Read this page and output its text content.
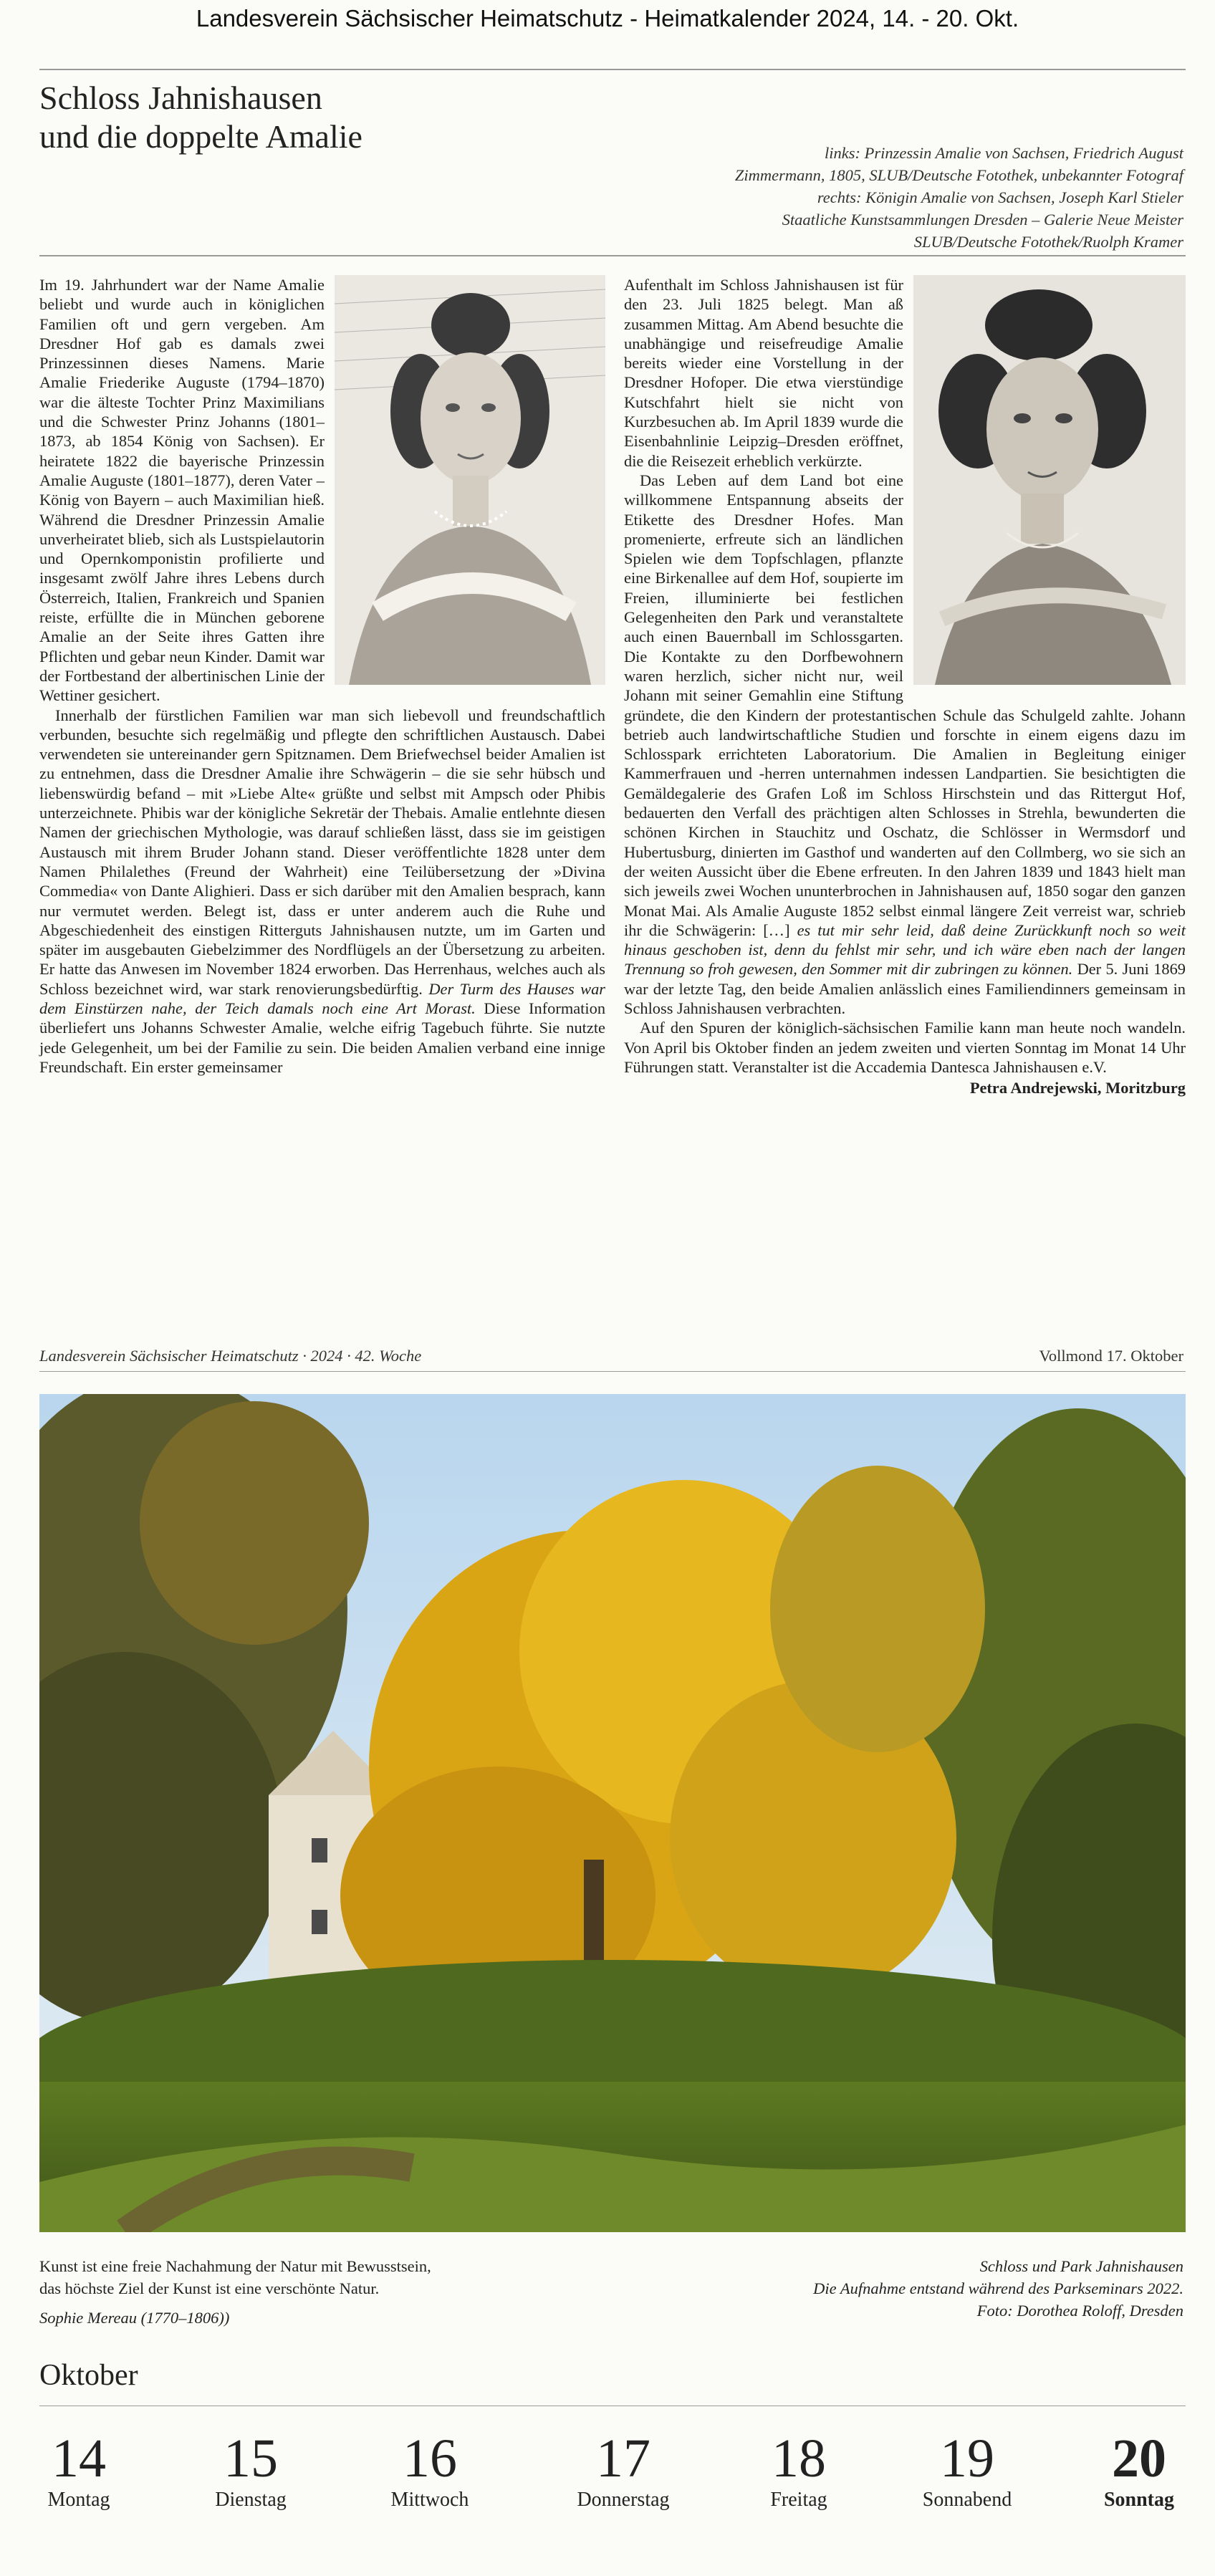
Landesverein Sächsischer Heimatschutz - Heimatkalender 2024, 14. - 20. Okt.
Schloss Jahnishausen
und die doppelte Amalie	links: Prinzessin Amalie von Sachsen, Friedrich August
Zimmermann, 1805, SLUB/Deutsche Fotothek, unbekannter Fotograf
rechts: Königin Amalie von Sachsen, Joseph Karl Stieler
Staatliche Kunstsammlungen Dresden – Galerie Neue Meister
SLUB/Deutsche Fotothek/Ruolph Kramer

Im 19. Jahrhundert war der Name Amalie beliebt und wurde auch in königlichen Familien oft und gern vergeben. Am Dresdner Hof gab es damals zwei Prinzessinnen dieses Namens. Marie Amalie Friederike Auguste (1794–1870) war die älteste Tochter Prinz Maximilians und die Schwester Prinz Johanns (1801–1873, ab 1854 König von Sachsen). Er heiratete 1822 die bayerische Prinzessin Amalie Auguste (1801–1877), deren Vater – König von Bayern – auch Maximilian hieß. Während die Dresdner Prinzessin Amalie unverheiratet blieb, sich als Lustspielautorin und Opernkomponistin profilierte und insgesamt zwölf Jahre ihres Lebens durch Österreich, Italien, Frankreich und Spanien reiste, erfüllte die in München geborene Amalie an der Seite ihres Gatten ihre Pflichten und gebar neun Kinder. Damit war der Fortbestand der albertinischen Linie der Wettiner gesichert.

Innerhalb der fürstlichen Familien war man sich liebevoll und freundschaftlich verbunden, besuchte sich regelmäßig und pflegte den schriftlichen Austausch. Dabei verwendeten sie untereinander gern Spitznamen. Dem Briefwechsel beider Amalien ist zu entnehmen, dass die Dresdner Amalie ihre Schwägerin – die sie sehr hübsch und liebenswürdig befand – mit »Liebe Alte« grüßte und selbst mit Ampsch oder Phibis unterzeichnete. Phibis war der königliche Sekretär der Thebais. Amalie entlehnte diesen Namen der griechischen Mythologie, was darauf schließen lässt, dass sie im geistigen Austausch mit ihrem Bruder Johann stand. Dieser veröffentlichte 1828 unter dem Namen Philalethes (Freund der Wahrheit) eine Teilübersetzung der »Divina Commedia« von Dante Alighieri. Dass er sich darüber mit den Amalien besprach, kann nur vermutet werden. Belegt ist, dass er unter anderem auch die Ruhe und Abgeschiedenheit des einstigen Ritterguts Jahnishausen nutzte, um im Garten und später im ausgebauten Giebelzimmer des Nordflügels an der Übersetzung zu arbeiten. Er hatte das Anwesen im November 1824 erworben. Das Herrenhaus, welches auch als Schloss bezeichnet wird, war stark renovierungsbedürftig. Der Turm des Hauses war dem Einstürzen nahe, der Teich damals noch eine Art Morast. Diese Information überliefert uns Johanns Schwester Amalie, welche eifrig Tagebuch führte. Sie nutzte jede Gelegenheit, um bei der Familie zu sein. Die beiden Amalien verband eine innige Freundschaft. Ein erster gemeinsamer

Aufenthalt im Schloss Jahnishausen ist für den 23. Juli 1825 belegt. Man aß zusammen Mittag. Am Abend besuchte die unabhängige und reisefreudige Amalie bereits wieder eine Vorstellung in der Dresdner Hofoper. Die etwa vierstündige Kutschfahrt hielt sie nicht von Kurzbesuchen ab. Im April 1839 wurde die Eisenbahnlinie Leipzig–Dresden eröffnet, die die Reisezeit erheblich verkürzte.

Das Leben auf dem Land bot eine willkommene Entspannung abseits der Etikette des Dresdner Hofes. Man promenierte, erfreute sich an ländlichen Spielen wie dem Topfschlagen, pflanzte eine Birkenallee auf dem Hof, soupierte im Freien, illuminierte bei festlichen Gelegenheiten den Park und veranstaltete auch einen Bauernball im Schlossgarten. Die Kontakte zu den Dorfbewohnern waren herzlich, sicher nicht nur, weil Johann mit seiner Gemahlin eine Stiftung gründete, die den Kindern der protestantischen Schule das Schulgeld zahlte. Johann betrieb auch landwirtschaftliche Studien und forschte in einem eigens dazu im Schlosspark errichteten Laboratorium. Die Amalien in Begleitung einiger Kammerfrauen und -herren unternahmen indessen Landpartien. Sie besichtigten die Gemäldegalerie des Grafen Loß im Schloss Hirschstein und das Rittergut Hof, bedauerten den Verfall des prächtigen alten Schlosses in Strehla, bewunderten die schönen Kirchen in Stauchitz und Oschatz, die Schlösser in Wermsdorf und Hubertusburg, dinierten im Gasthof und wanderten auf den Collmberg, wo sie sich an der weiten Aussicht über die Ebene erfreuten. In den Jahren 1839 und 1843 hielt man sich jeweils zwei Wochen ununterbrochen in Jahnishausen auf, 1850 sogar den ganzen Monat Mai. Als Amalie Auguste 1852 selbst einmal längere Zeit verreist war, schrieb ihr die Schwägerin: […] es tut mir sehr leid, daß deine Zurückkunft noch so weit hinaus geschoben ist, denn du fehlst mir sehr, und ich wäre eben nach der langen Trennung so froh gewesen, den Sommer mit dir zubringen zu können. Der 5. Juni 1869 war der letzte Tag, den beide Amalien anlässlich eines Familiendinners gemeinsam in Schloss Jahnishausen verbrachten.

Auf den Spuren der königlich-sächsischen Familie kann man heute noch wandeln. Von April bis Oktober finden an jedem zweiten und vierten Sonntag im Monat 14 Uhr Führungen statt. Veranstalter ist die Accademia Dantesca Jahnishausen e.V.

Petra Andrejewski, Moritzburg
Landesverein Sächsischer Heimatschutz · 2024 · 42. Woche	Vollmond 17. Oktober
Kunst ist eine freie Nachahmung der Natur mit Bewusstsein,
das höchste Ziel der Kunst ist eine verschönte Natur.
Sophie Mereau (1770–1806))
Schloss und Park Jahnishausen
Die Aufnahme entstand während des Parkseminars 2022.
Foto: Dorothea Roloff, Dresden
Oktober
14
Montag
15
Dienstag
16
Mittwoch
17
Donnerstag
18
Freitag
19
Sonnabend
20
Sonntag
